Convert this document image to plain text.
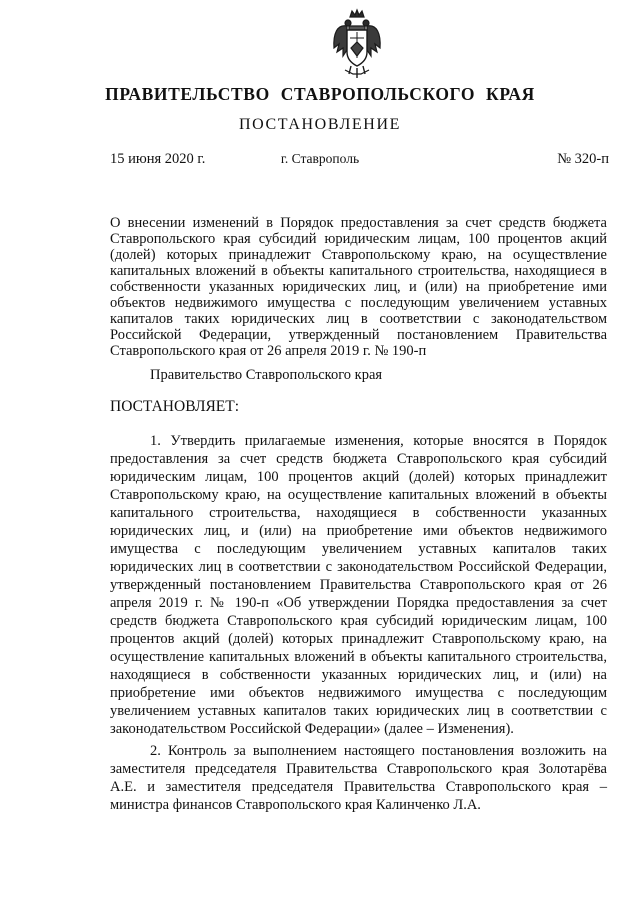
ПРАВИТЕЛЬСТВО СТАВРОПОЛЬСКОГО КРАЯ
ПОСТАНОВЛЕНИЕ
15 июня 2020 г.	г. Ставрополь	№ 320-п
О внесении изменений в Порядок предоставления за счет средств бюджета Ставропольского края субсидий юридическим лицам, 100 процентов акций (долей) которых принадлежит Ставропольскому краю, на осуществление капитальных вложений в объекты капитального строительства, находящиеся в собственности указанных юридических лиц, и (или) на приобретение ими объектов недвижимого имущества с последующим увеличением уставных капиталов таких юридических лиц в соответствии с законодательством Российской Федерации, утвержденный постановлением Правительства Ставропольского края от 26 апреля 2019 г. № 190-п
Правительство Ставропольского края
ПОСТАНОВЛЯЕТ:
1. Утвердить прилагаемые изменения, которые вносятся в Порядок предоставления за счет средств бюджета Ставропольского края субсидий юридическим лицам, 100 процентов акций (долей) которых принадлежит Ставропольскому краю, на осуществление капитальных вложений в объекты капитального строительства, находящиеся в собственности указанных юридических лиц, и (или) на приобретение ими объектов недвижимого имущества с последующим увеличением уставных капиталов таких юридических лиц в соответствии с законодательством Российской Федерации, утвержденный постановлением Правительства Ставропольского края от 26 апреля 2019 г. № 190-п «Об утверждении Порядка предоставления за счет средств бюджета Ставропольского края субсидий юридическим лицам, 100 процентов акций (долей) которых принадлежит Ставропольскому краю, на осуществление капитальных вложений в объекты капитального строительства, находящиеся в собственности указанных юридических лиц, и (или) на приобретение ими объектов недвижимого имущества с последующим увеличением уставных капиталов таких юридических лиц в соответствии с законодательством Российской Федерации» (далее – Изменения).
2. Контроль за выполнением настоящего постановления возложить на заместителя председателя Правительства Ставропольского края Золотарёва А.Е. и заместителя председателя Правительства Ставропольского края – министра финансов Ставропольского края Калинченко Л.А.
